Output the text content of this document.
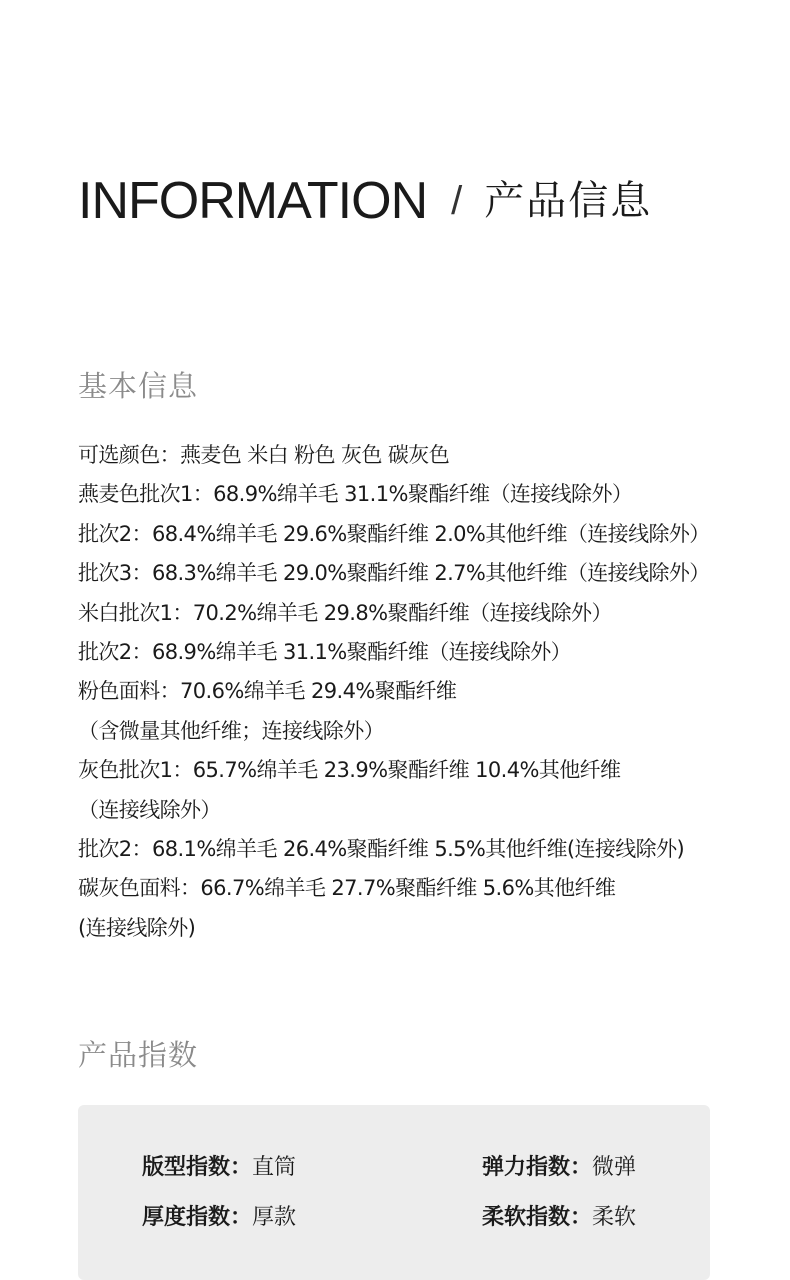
INFORMATION / 产品信息
基本信息
可选颜色：燕麦色 米白 粉色 灰色 碳灰色
燕麦色批次1：68.9%绵羊毛 31.1%聚酯纤维（连接线除外）
批次2：68.4%绵羊毛 29.6%聚酯纤维 2.0%其他纤维（连接线除外）
批次3：68.3%绵羊毛 29.0%聚酯纤维 2.7%其他纤维（连接线除外）
米白批次1：70.2%绵羊毛 29.8%聚酯纤维（连接线除外）
批次2：68.9%绵羊毛 31.1%聚酯纤维（连接线除外）
粉色面料：70.6%绵羊毛 29.4%聚酯纤维
（含微量其他纤维；连接线除外）
灰色批次1：65.7%绵羊毛 23.9%聚酯纤维 10.4%其他纤维
（连接线除外）
批次2：68.1%绵羊毛 26.4%聚酯纤维 5.5%其他纤维(连接线除外)
碳灰色面料：66.7%绵羊毛 27.7%聚酯纤维 5.6%其他纤维
(连接线除外)
产品指数
版型指数：直筒	弹力指数：微弹
厚度指数：厚款	柔软指数：柔软
